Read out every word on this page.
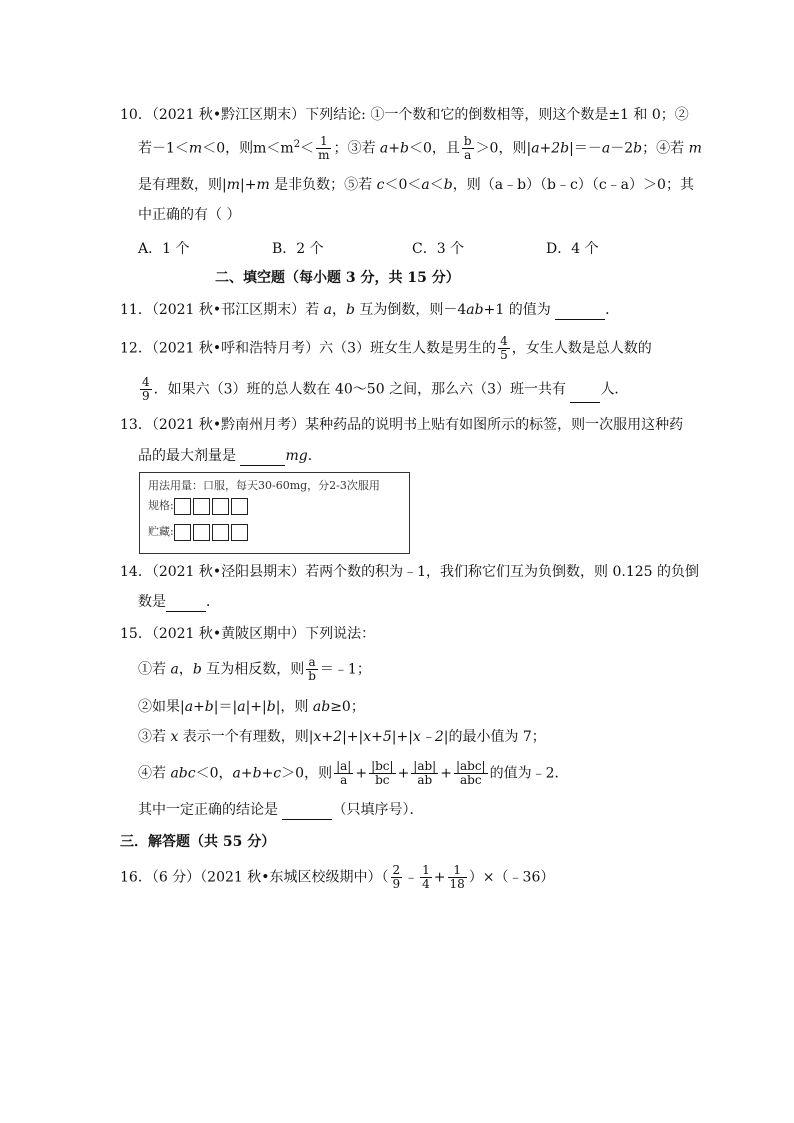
10．（2021 秋•黔江区期末）下列结论: ①一个数和它的倒数相等，则这个数是±1 和 0；②
若－1＜m＜0，则$m<m^2< \frac{1}{m}$ ；③若 a+b＜0，且 $\frac{b}{a} >0$，则|a+2b|＝－a－2b；④若 m
是有理数，则|m|+m 是非负数；⑤若 c＜0＜a＜b，则（a﹣b）（b﹣c）（c﹣a）＞0；其
中正确的有（ ）
A．1 个	B．2 个	C．3 个	D．4 个
二、填空题（每小题 3 分，共 15 分）
11．（2021 秋•邗江区期末）若 a，b 互为倒数，则－4ab+1 的值为	．
12．（2021 秋•呼和浩特月考）六（3）班女生人数是男生的 $\frac{4}{5}$ ，女生人数是总人数的
$\frac{4}{9}$ ．如果六（3）班的总人数在 40～50 之间，那么六（3）班一共有 人．
13．（2021 秋•黔南州月考）某种药品的说明书上贴有如图所示的标签，则一次服用这种药
品的最大剂量是	mg．
用法用量：口服，每天30-60mg，分2-3次服用
规格:
贮藏:
14．（2021 秋•泾阳县期末）若两个数的积为﹣1，我们称它们互为负倒数，则 0.125 的负倒
数是	．
15．（2021 秋•黄陂区期中）下列说法：
①若 a，b 互为相反数，则 $\frac{a}{b}$ ＝﹣1；
②如果|a+b|＝|a|+|b|，则 ab≥0；
③若 x 表示一个有理数，则|x+2|+|x+5|+|x﹣2|的最小值为 7；
④若 abc＜0，a+b+c＞0，则 $\frac{|a|}{a} + \frac{|bc|}{bc} + \frac{|ab|}{ab} + \frac{\text{|abc|}}{\text{abc}}$ 的值为﹣2．
其中一定正确的结论是	（只填序号）．
三．解答题（共 55 分）
16．（6 分）（2021 秋•东城区校级期中）（ $\frac{2}{9}$ ﹣ $\frac{1}{4} + \frac{1}{18}$ ）×（﹣36）
